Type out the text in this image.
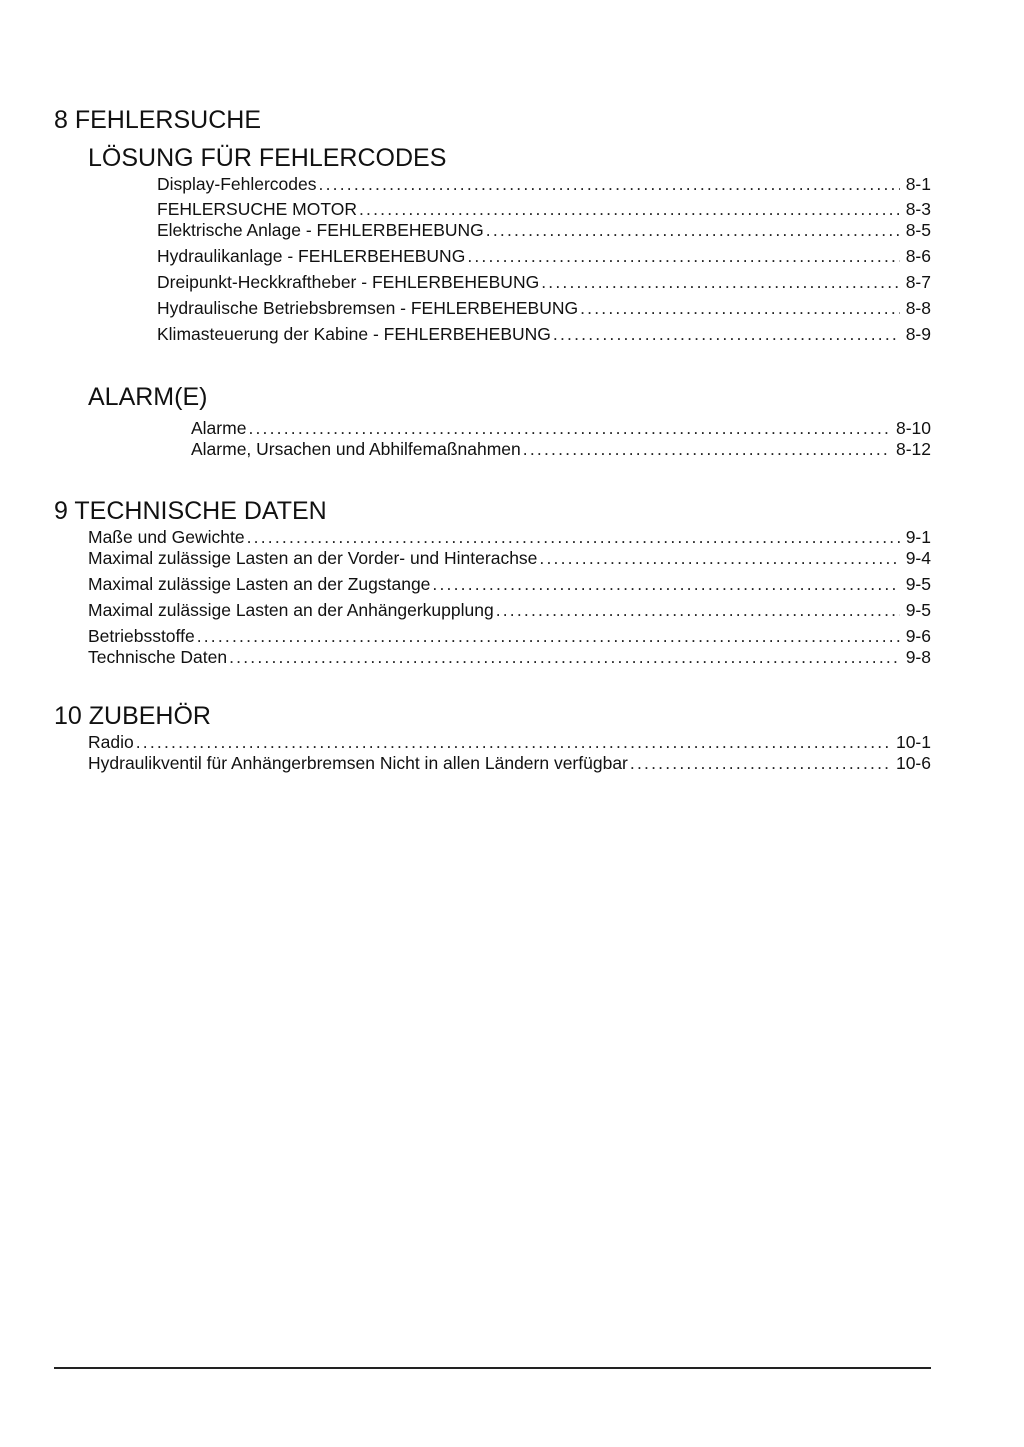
8 FEHLERSUCHE
LÖSUNG FÜR FEHLERCODES
Display-Fehlercodes .....	8-1
FEHLERSUCHE MOTOR .....	8-3
Elektrische Anlage - FEHLERBEHEBUNG .....	8-5
Hydraulikanlage - FEHLERBEHEBUNG .....	8-6
Dreipunkt-Heckkraftheber - FEHLERBEHEBUNG .....	8-7
Hydraulische Betriebsbremsen - FEHLERBEHEBUNG .....	8-8
Klimasteuerung der Kabine - FEHLERBEHEBUNG .....	8-9
ALARM(E)
Alarme .....	8-10
Alarme, Ursachen und Abhilfemaßnahmen .....	8-12
9 TECHNISCHE DATEN
Maße und Gewichte .....	9-1
Maximal zulässige Lasten an der Vorder- und Hinterachse .....	9-4
Maximal zulässige Lasten an der Zugstange .....	9-5
Maximal zulässige Lasten an der Anhängerkupplung .....	9-5
Betriebsstoffe .....	9-6
Technische Daten .....	9-8
10 ZUBEHÖR
Radio .....	10-1
Hydraulikventil für Anhängerbremsen Nicht in allen Ländern verfügbar .....	10-6
